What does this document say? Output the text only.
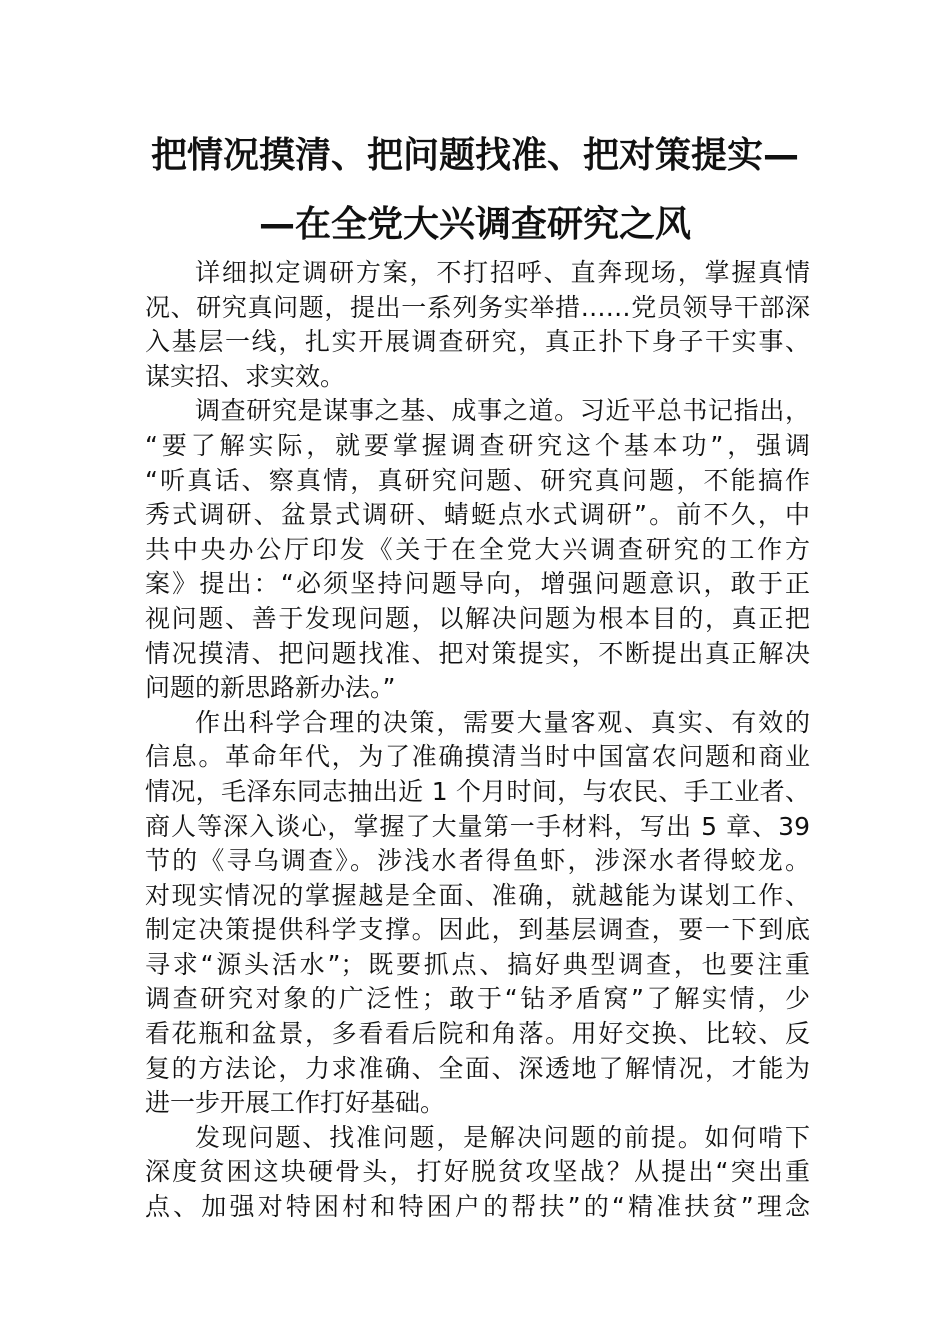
把情况摸清、把问题找准、把对策提实—
—在全党大兴调查研究之风
详细拟定调研方案，不打招呼、直奔现场，掌握真情
况、研究真问题，提出一系列务实举措……党员领导干部深
入基层一线，扎实开展调查研究，真正扑下身子干实事、
谋实招、求实效。
调查研究是谋事之基、成事之道。习近平总书记指出，
“要了解实际，就要掌握调查研究这个基本功”，强调
“听真话、察真情，真研究问题、研究真问题，不能搞作
秀式调研、盆景式调研、蜻蜓点水式调研”。前不久，中
共中央办公厅印发《关于在全党大兴调查研究的工作方
案》提出：“必须坚持问题导向，增强问题意识，敢于正
视问题、善于发现问题，以解决问题为根本目的，真正把
情况摸清、把问题找准、把对策提实，不断提出真正解决
问题的新思路新办法。”
作出科学合理的决策，需要大量客观、真实、有效的
信息。革命年代，为了准确摸清当时中国富农问题和商业
情况，毛泽东同志抽出近 1 个月时间，与农民、手工业者、
商人等深入谈心，掌握了大量第一手材料，写出 5 章、39
节的《寻乌调查》。涉浅水者得鱼虾，涉深水者得蛟龙。
对现实情况的掌握越是全面、准确，就越能为谋划工作、
制定决策提供科学支撑。因此，到基层调查，要一下到底
寻求“源头活水”；既要抓点、搞好典型调查，也要注重
调查研究对象的广泛性；敢于“钻矛盾窝”了解实情，少
看花瓶和盆景，多看看后院和角落。用好交换、比较、反
复的方法论，力求准确、全面、深透地了解情况，才能为
进一步开展工作打好基础。
发现问题、找准问题，是解决问题的前提。如何啃下
深度贫困这块硬骨头，打好脱贫攻坚战？从提出“突出重
点、加强对特困村和特困户的帮扶”的“精准扶贫”理念
